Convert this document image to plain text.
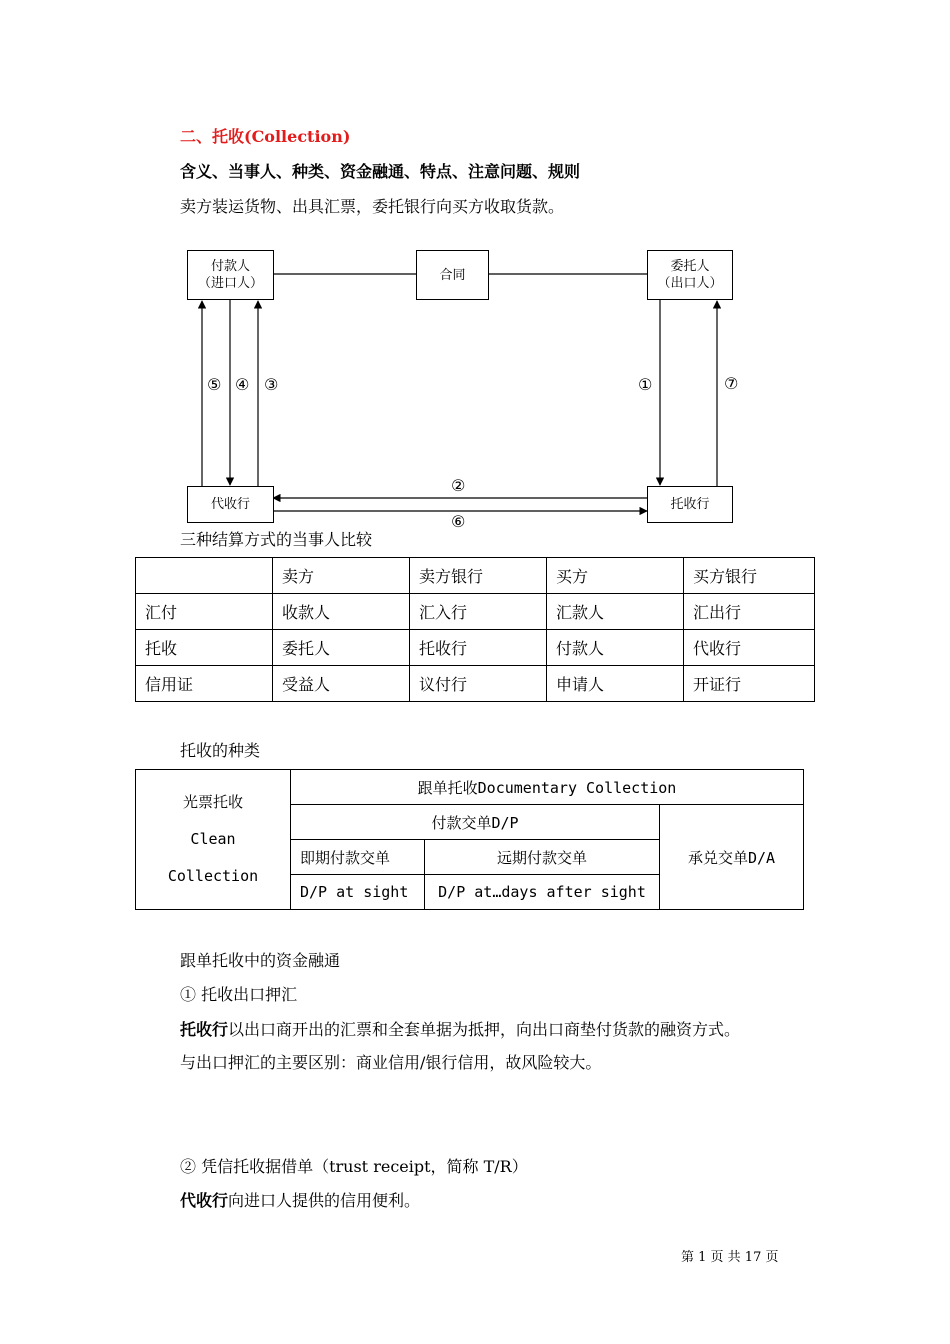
二、托收(Collection)
含义、当事人、种类、资金融通、特点、注意问题、规则
卖方装运货物、出具汇票，委托银行向买方收取货款。
付款人
（进口人）
合同
委托人
（出口人）
代收行	托收行
⑤ ④ ③	①	⑦
②
⑥
三种结算方式的当事人比较
	卖方	卖方银行	买方	买方银行
汇付	收款人	汇入行	汇款人	汇出行
托收	委托人	托收行	付款人	代收行
信用证	受益人	议付行	申请人	开证行
托收的种类
光票托收
Clean
Collection	跟单托收Documentary Collection		
	付款交单D/P		承兑交单D/A
	即期付款交单	远期付款交单	
	D/P at sight	D/P at…days after sight	
跟单托收中的资金融通
① 托收出口押汇
托收行以出口商开出的汇票和全套单据为抵押，向出口商垫付货款的融资方式。
与出口押汇的主要区别：商业信用/银行信用，故风险较大。
② 凭信托收据借单（trust receipt，简称 T/R）
代收行向进口人提供的信用便利。
第 1 页 共 17 页
